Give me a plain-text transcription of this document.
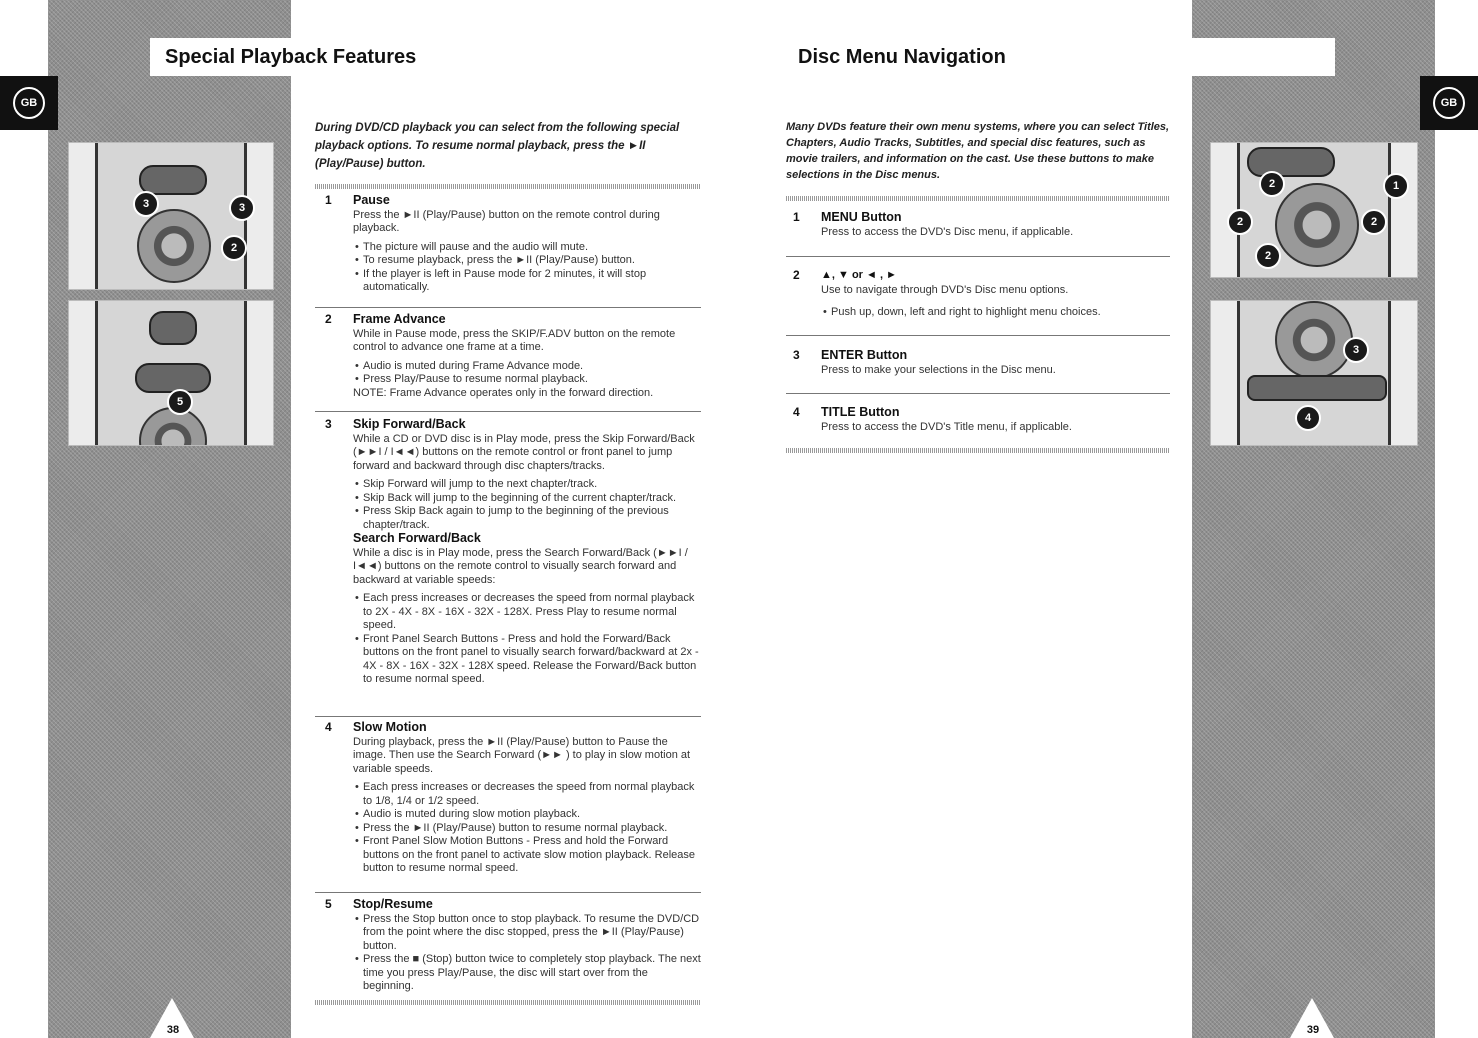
Special Playback Features	Disc Menu Navigation
GB	GB
3	3
2
5
2	1
2	2
2
3
4
38	39
During DVD/CD playback you can select from the following special playback options. To resume normal playback, press the ►II (Play/Pause) button.
1 Pause

Press the ►II (Play/Pause) button on the remote control during playback.

• The picture will pause and the audio will mute.
• To resume playback, press the ►II (Play/Pause) button.
• If the player is left in Pause mode for 2 minutes, it will stop automatically.
2 Frame Advance

While in Pause mode, press the SKIP/F.ADV button on the remote control to advance one frame at a time.

• Audio is muted during Frame Advance mode.
• Press Play/Pause to resume normal playback.
NOTE: Frame Advance operates only in the forward direction.
3 Skip Forward/Back

While a CD or DVD disc is in Play mode, press the Skip Forward/Back (►►I / I◄◄) buttons on the remote control or front panel to jump forward and backward through disc chapters/tracks.

• Skip Forward will jump to the next chapter/track.
• Skip Back will jump to the beginning of the current chapter/track.
• Press Skip Back again to jump to the beginning of the previous chapter/track.
Search Forward/Back

While a disc is in Play mode, press the Search Forward/Back (►►I / I◄◄) buttons on the remote control to visually search forward and backward at variable speeds:

• Each press increases or decreases the speed from normal playback to 2X - 4X - 8X - 16X - 32X - 128X. Press Play to resume normal speed.
• Front Panel Search Buttons - Press and hold the Forward/Back buttons on the front panel to visually search forward/backward at 2x - 4X - 8X - 16X - 32X - 128X speed. Release the Forward/Back button to resume normal speed.
4 Slow Motion

During playback, press the ►II (Play/Pause) button to Pause the image. Then use the Search Forward (►► ) to play in slow motion at variable speeds.

• Each press increases or decreases the speed from normal playback to 1/8, 1/4 or 1/2 speed.
• Audio is muted during slow motion playback.
• Press the ►II (Play/Pause) button to resume normal playback.
• Front Panel Slow Motion Buttons - Press and hold the Forward buttons on the front panel to activate slow motion playback. Release button to resume normal speed.
5 Stop/Resume
• Press the Stop button once to stop playback. To resume the DVD/CD from the point where the disc stopped, press the ►II (Play/Pause) button.
• Press the ■ (Stop) button twice to completely stop playback. The next time you press Play/Pause, the disc will start over from the beginning.
Many DVDs feature their own menu systems, where you can select Titles, Chapters, Audio Tracks, Subtitles, and special disc features, such as movie trailers, and information on the cast. Use these buttons to make selections in the Disc menus.
1 MENU Button

Press to access the DVD's Disc menu, if applicable.

2 ▲, ▼ or ◄ , ►

Use to navigate through DVD's Disc menu options.

• Push up, down, left and right to highlight menu choices.
3 ENTER Button

Press to make your selections in the Disc menu.

4 TITLE Button

Press to access the DVD's Title menu, if applicable.
